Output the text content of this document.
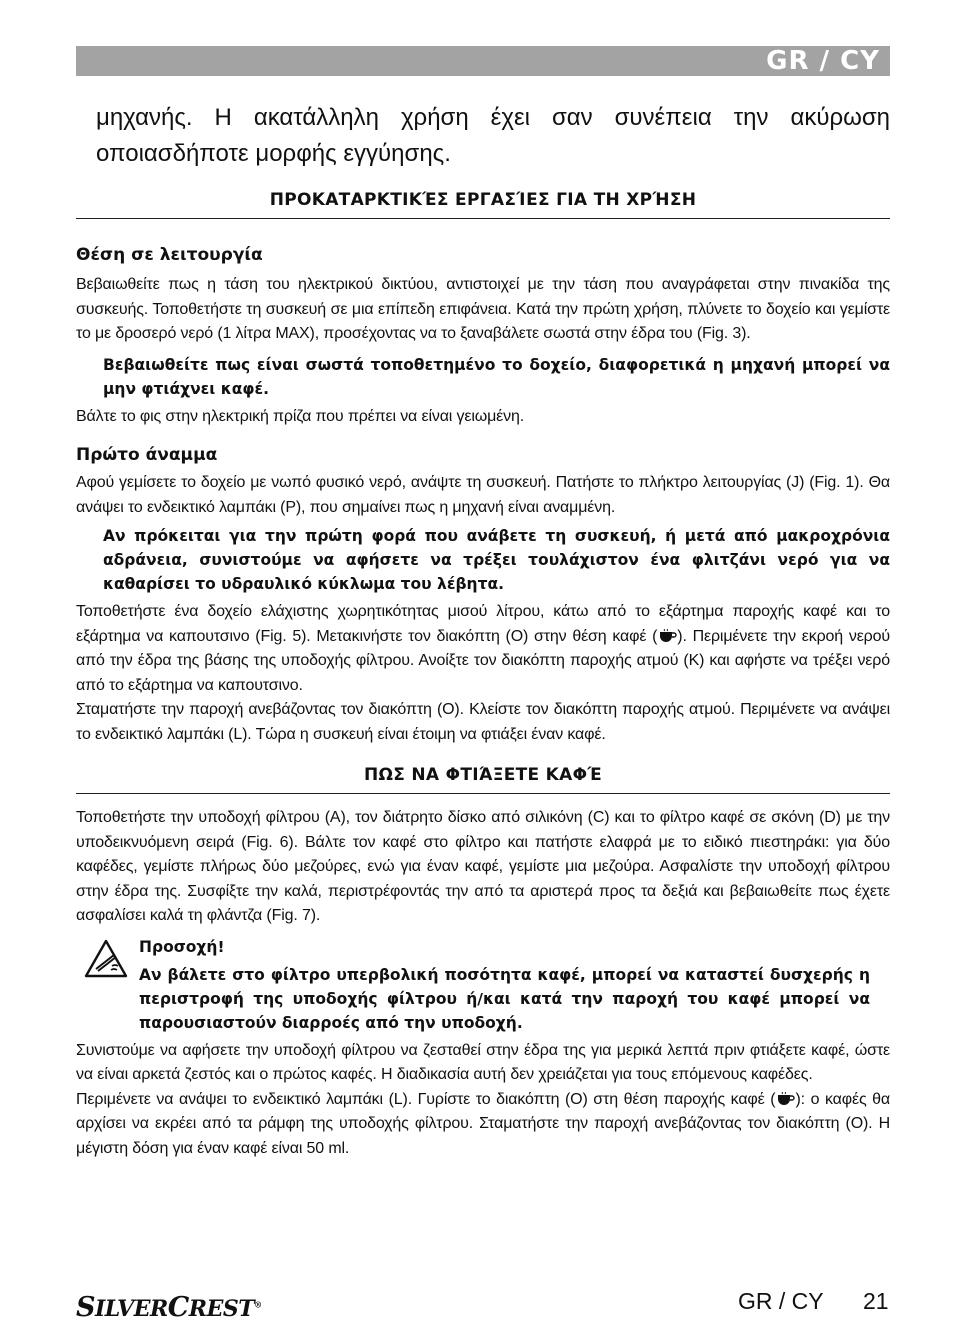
GR / CY

μηχανής. Η ακατάλληλη χρήση έχει σαν συνέπεια την ακύρωση οποιασδήποτε μορφής εγγύησης.

ΠΡΟΚΑΤΑΡΚΤΙΚΈΣ ΕΡΓΑΣΊΕΣ ΓΙΑ ΤΗ ΧΡΉΣΗ
Θέση σε λειτουργία

Βεβαιωθείτε πως η τάση του ηλεκτρικού δικτύου, αντιστοιχεί με την τάση που αναγράφεται στην πινακίδα της συσκευής. Τοποθετήστε τη συσκευή σε μια επίπεδη επιφάνεια. Κατά την πρώτη χρήση, πλύνετε το δοχείο και γεμίστε το με δροσερό νερό (1 λίτρα MAX), προσέχοντας να το ξαναβάλετε σωστά στην έδρα του (Fig. 3).

Βεβαιωθείτε πως είναι σωστά τοποθετημένο το δοχείο, διαφορετικά η μηχανή μπορεί να μην φτιάχνει καφέ.

Βάλτε το φις στην ηλεκτρική πρίζα που πρέπει να είναι γειωμένη.

Πρώτο άναμμα

Αφού γεμίσετε το δοχείο με νωπό φυσικό νερό, ανάψτε τη συσκευή. Πατήστε το πλήκτρο λειτουργίας (J) (Fig. 1). Θα ανάψει το ενδεικτικό λαμπάκι (P), που σημαίνει πως η μηχανή είναι αναμμένη.

Αν πρόκειται για την πρώτη φορά που ανάβετε τη συσκευή, ή μετά από μακροχρόνια αδράνεια, συνιστούμε να αφήσετε να τρέξει τουλάχιστον ένα φλιτζάνι νερό για να καθαρίσει το υδραυλικό κύκλωμα του λέβητα.

Τοποθετήστε ένα δοχείο ελάχιστης χωρητικότητας μισού λίτρου, κάτω από το εξάρτημα παροχής καφέ και το εξάρτημα να καπουτσινο (Fig. 5). Μετακινήστε τον διακόπτη (O) στην θέση καφέ ( ). Περιμένετε την εκροή νερού από την έδρα της βάσης της υποδοχής φίλτρου. Ανοίξτε τον διακόπτη παροχής ατμού (K) και αφήστε να τρέξει νερό από το εξάρτημα να καπουτσινο.

Σταματήστε την παροχή ανεβάζοντας τον διακόπτη (O). Κλείστε τον διακόπτη παροχής ατμού. Περιμένετε να ανάψει το ενδεικτικό λαμπάκι (L). Τώρα η συσκευή είναι έτοιμη να φτιάξει έναν καφέ.

ΠΩΣ ΝΑ ΦΤΙΆΞΕΤΕ ΚΑΦΈ

Τοποθετήστε την υποδοχή φίλτρου (A), τον διάτρητο δίσκο από σιλικόνη (C) και το φίλτρο καφέ σε σκόνη (D) με την υποδεικνυόμενη σειρά (Fig. 6). Βάλτε τον καφέ στο φίλτρο και πατήστε ελαφρά με το ειδικό πιεστηράκι: για δύο καφέδες, γεμίστε πλήρως δύο μεζούρες, ενώ για έναν καφέ, γεμίστε μια μεζούρα. Ασφαλίστε την υποδοχή φίλτρου στην έδρα της. Συσφίξτε την καλά, περιστρέφοντάς την από τα αριστερά προς τα δεξιά και βεβαιωθείτε πως έχετε ασφαλίσει καλά τη φλάντζα (Fig. 7).

Προσοχή!
Αν βάλετε στο φίλτρο υπερβολική ποσότητα καφέ, μπορεί να καταστεί δυσχερής η περιστροφή της υποδοχής φίλτρου ή/και κατά την παροχή του καφέ μπορεί να παρουσιαστούν διαρροές από την υποδοχή.

Συνιστούμε να αφήσετε την υποδοχή φίλτρου να ζεσταθεί στην έδρα της για μερικά λεπτά πριν φτιάξετε καφέ, ώστε να είναι αρκετά ζεστός και ο πρώτος καφές. Η διαδικασία αυτή δεν χρειάζεται για τους επόμενους καφέδες.

Περιμένετε να ανάψει το ενδεικτικό λαμπάκι (L). Γυρίστε το διακόπτη (O) στη θέση παροχής καφέ ( ): ο καφές θα αρχίσει να εκρέει από τα ράμφη της υποδοχής φίλτρου. Σταματήστε την παροχή ανεβάζοντας τον διακόπτη (O). Η μέγιστη δόση για έναν καφέ είναι 50 ml.

SILVERCREST®	GR / CY 21
